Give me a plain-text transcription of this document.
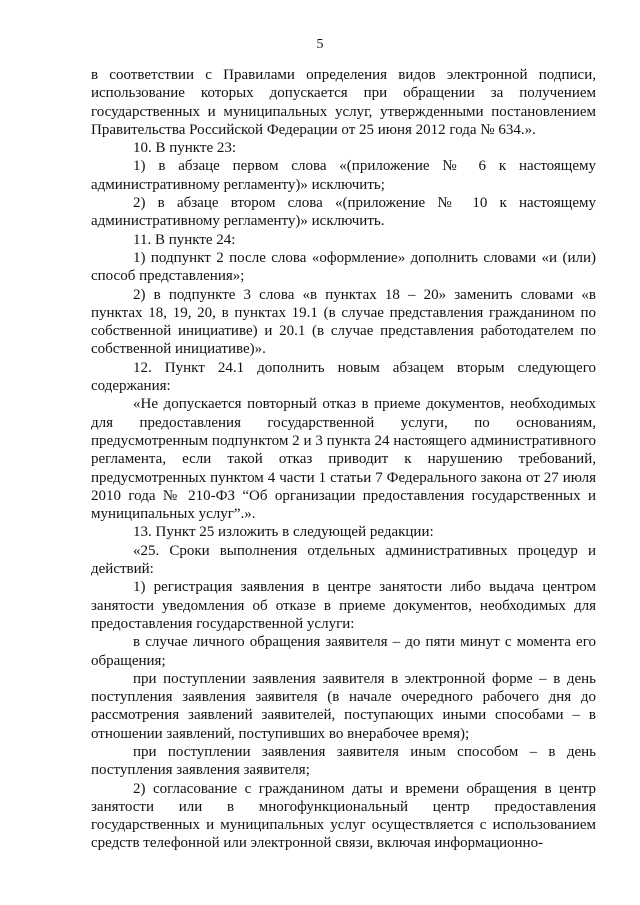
5

в соответствии с Правилами определения видов электронной подписи, использование которых допускается при обращении за получением государственных и муниципальных услуг, утвержденными постановлением Правительства Российской Федерации от 25 июня 2012 года № 634.».

10. В пункте 23:

1) в абзаце первом слова «(приложение № 6 к настоящему административному регламенту)» исключить;

2) в абзаце втором слова «(приложение № 10 к настоящему административному регламенту)» исключить.

11. В пункте 24:

1) подпункт 2 после слова «оформление» дополнить словами «и (или) способ представления»;

2) в подпункте 3 слова «в пунктах 18 – 20» заменить словами «в пунктах 18, 19, 20, в пунктах 19.1 (в случае представления гражданином по собственной инициативе) и 20.1 (в случае представления работодателем по собственной инициативе)».

12. Пункт 24.1 дополнить новым абзацем вторым следующего содержания:

«Не допускается повторный отказ в приеме документов, необходимых для предоставления государственной услуги, по основаниям, предусмотренным подпунктом 2 и 3 пункта 24 настоящего административного регламента, если такой отказ приводит к нарушению требований, предусмотренных пунктом 4 части 1 статьи 7 Федерального закона от 27 июля 2010 года № 210-ФЗ “Об организации предоставления государственных и муниципальных услуг”.».

13. Пункт 25 изложить в следующей редакции:

«25. Сроки выполнения отдельных административных процедур и действий:

1) регистрация заявления в центре занятости либо выдача центром занятости уведомления об отказе в приеме документов, необходимых для предоставления государственной услуги:

в случае личного обращения заявителя – до пяти минут с момента его обращения;

при поступлении заявления заявителя в электронной форме – в день поступления заявления заявителя (в начале очередного рабочего дня до рассмотрения заявлений заявителей, поступающих иными способами – в отношении заявлений, поступивших во внерабочее время);

при поступлении заявления заявителя иным способом – в день поступления заявления заявителя;

2) согласование с гражданином даты и времени обращения в центр занятости или в многофункциональный центр предоставления государственных и муниципальных услуг осуществляется с использованием средств телефонной или электронной связи, включая информационно-
